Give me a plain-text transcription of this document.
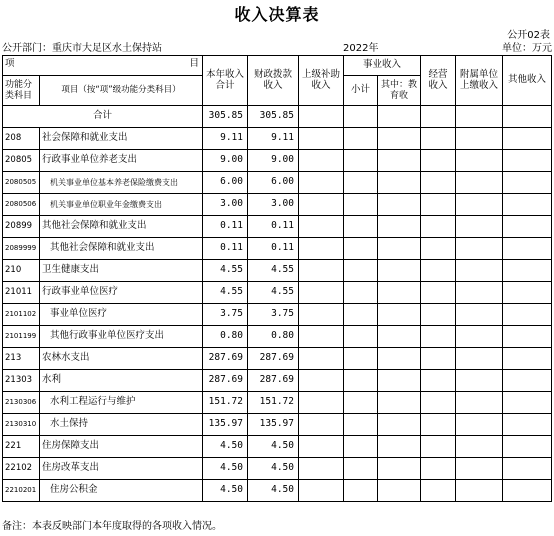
收入决算表
公开02表
公开部门：重庆市大足区水土保持站	2022年	单位：万元
项 目		本年收入合计	财政拨款收入	上级补助收入	事业收入		经营收入	附属单位上缴收入	其他收入
功能分类科目	项目（按“项”级功能分类科目）				小计	其中：教育收			
合计		305.85	305.85						
208	社会保障和就业支出	9.11	9.11						
20805	行政事业单位养老支出	9.00	9.00						
2080505	机关事业单位基本养老保险缴费支出	6.00	6.00						
2080506	机关事业单位职业年金缴费支出	3.00	3.00						
20899	其他社会保障和就业支出	0.11	0.11						
2089999	其他社会保障和就业支出	0.11	0.11						
210	卫生健康支出	4.55	4.55						
21011	行政事业单位医疗	4.55	4.55						
2101102	事业单位医疗	3.75	3.75						
2101199	其他行政事业单位医疗支出	0.80	0.80						
213	农林水支出	287.69	287.69						
21303	水利	287.69	287.69						
2130306	水利工程运行与维护	151.72	151.72						
2130310	水土保持	135.97	135.97						
221	住房保障支出	4.50	4.50						
22102	住房改革支出	4.50	4.50						
2210201	住房公积金	4.50	4.50						
备注：本表反映部门本年度取得的各项收入情况。
